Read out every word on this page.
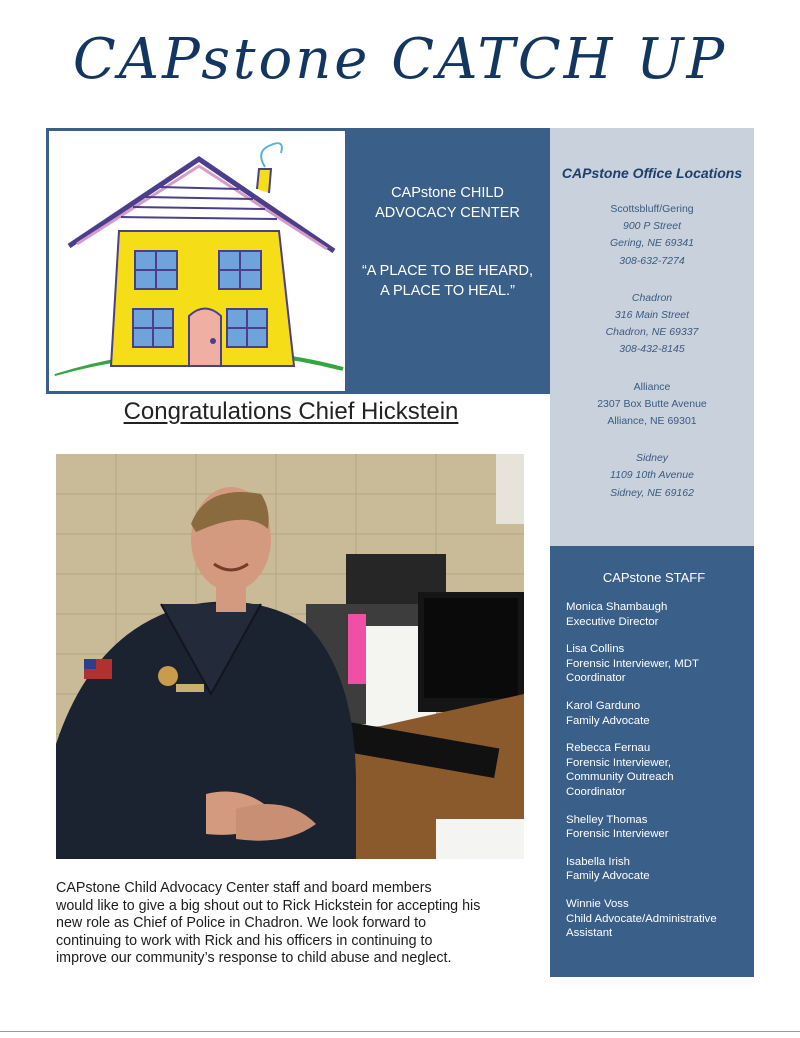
CAPstone CATCH UP
CAPstone CHILD
ADVOCACY CENTER
“A PLACE TO BE HEARD,
A PLACE TO HEAL.”
Congratulations Chief Hickstein
CAPstone Child Advocacy Center staff and board members
would like to give a big shout out to Rick Hickstein for accepting his
new role as Chief of Police in Chadron. We look forward to
continuing to work with Rick and his officers in continuing to
improve our community’s response to child abuse and neglect.
CAPstone Office Locations
Scottsbluff/Gering
900 P Street
Gering, NE 69341
308-632-7274
Chadron
316 Main Street
Chadron, NE 69337
308-432-8145
Alliance
2307 Box Butte Avenue
Alliance, NE 69301
Sidney
1109 10th Avenue
Sidney, NE 69162
CAPstone STAFF
Monica Shambaugh
Executive Director
Lisa Collins
Forensic Interviewer, MDT
Coordinator
Karol Garduno
Family Advocate
Rebecca Fernau
Forensic Interviewer,
Community Outreach
Coordinator
Shelley Thomas
Forensic Interviewer
Isabella Irish
Family Advocate
Winnie Voss
Child Advocate/Administrative
Assistant
